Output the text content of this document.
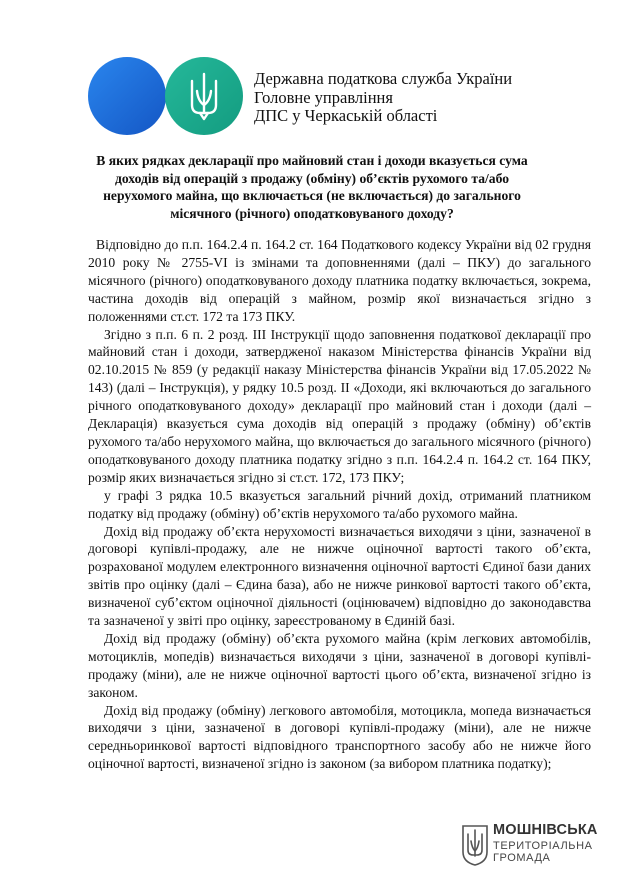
Державна податкова служба України
Головне управління
ДПС у Черкаській області
В яких рядках декларації про майновий стан і доходи вказується сума доходів від операцій з продажу (обміну) об’єктів рухомого та/або нерухомого майна, що включається (не включається) до загального місячного (річного) оподатковуваного доходу?

Відповідно до п.п. 164.2.4 п. 164.2 ст. 164 Податкового кодексу України від 02 грудня 2010 року № 2755-VI із змінами та доповненнями (далі – ПКУ) до загального місячного (річного) оподатковуваного доходу платника податку включається, зокрема, частина доходів від операцій з майном, розмір якої визначається згідно з положеннями ст.ст. 172 та 173 ПКУ.

Згідно з п.п. 6 п. 2 розд. ІІІ Інструкції щодо заповнення податкової декларації про майновий стан і доходи, затвердженої наказом Міністерства фінансів України від 02.10.2015 № 859 (у редакції наказу Міністерства фінансів України від 17.05.2022 № 143) (далі – Інструкція), у рядку 10.5 розд. ІІ «Доходи, які включаються до загального річного оподатковуваного доходу» декларації про майновий стан і доходи (далі – Декларація) вказується сума доходів від операцій з продажу (обміну) об’єктів рухомого та/або нерухомого майна, що включається до загального місячного (річного) оподатковуваного доходу платника податку згідно з п.п. 164.2.4 п. 164.2 ст. 164 ПКУ, розмір яких визначається згідно зі ст.ст. 172, 173 ПКУ;

у графі 3 рядка 10.5 вказується загальний річний дохід, отриманий платником податку від продажу (обміну) об’єктів нерухомого та/або рухомого майна.

Дохід від продажу об’єкта нерухомості визначається виходячи з ціни, зазначеної в договорі купівлі-продажу, але не нижче оціночної вартості такого об’єкта, розрахованої модулем електронного визначення оціночної вартості Єдиної бази даних звітів про оцінку (далі – Єдина база), або не нижче ринкової вартості такого об’єкта, визначеної суб’єктом оціночної діяльності (оцінювачем) відповідно до законодавства та зазначеної у звіті про оцінку, зареєстрованому в Єдиній базі.

Дохід від продажу (обміну) об’єкта рухомого майна (крім легкових автомобілів, мотоциклів, мопедів) визначається виходячи з ціни, зазначеної в договорі купівлі-продажу (міни), але не нижче оціночної вартості цього об’єкта, визначеної згідно із законом.

Дохід від продажу (обміну) легкового автомобіля, мотоцикла, мопеда визначається виходячи з ціни, зазначеної в договорі купівлі-продажу (міни), але не нижче середньоринкової вартості відповідного транспортного засобу або не нижче його оціночної вартості, визначеної згідно із законом (за вибором платника податку);

МОШНІВСЬКА
ТЕРИТОРІАЛЬНА
ГРОМАДА
